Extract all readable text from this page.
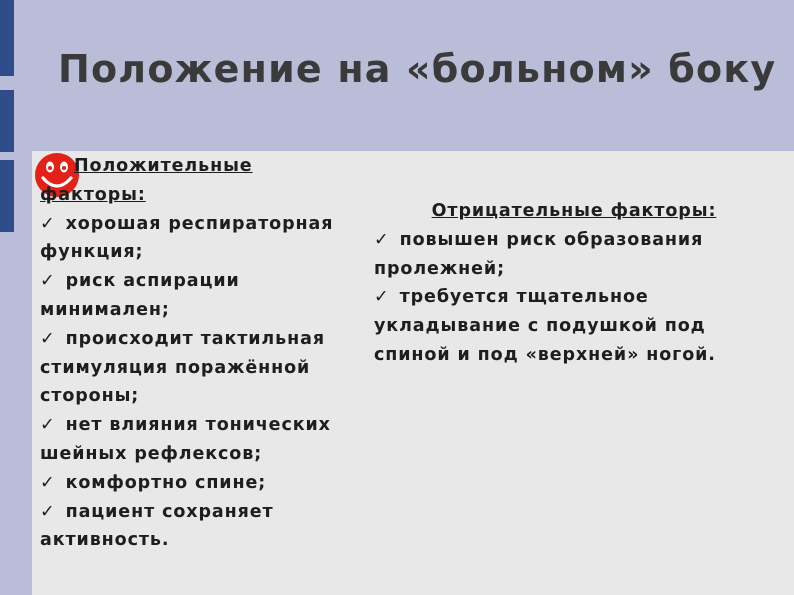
Положение на «больном» боку
Положительные факторы:
✓ хорошая респираторная функция;
✓ риск аспирации минимален;
✓ происходит тактильная стимуляция поражённой стороны;
✓ нет влияния тонических шейных рефлексов;
✓ комфортно спине;
✓ пациент сохраняет активность.
Отрицательные факторы:
✓ повышен риск образования пролежней;
✓ требуется тщательное укладывание с подушкой под спиной и под «верхней» ногой.
